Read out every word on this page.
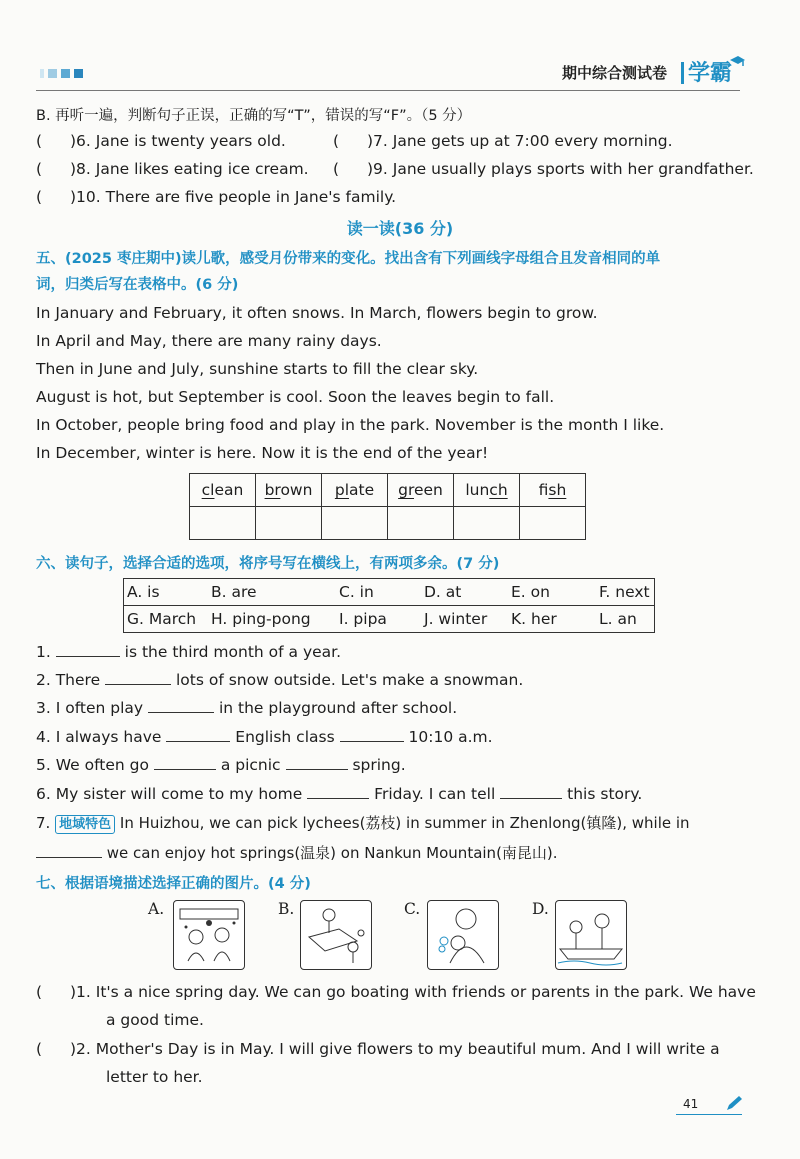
期中综合测试卷 学霸
B. 再听一遍，判断句子正误，正确的写“T”，错误的写“F”。（5 分）
( )6. Jane is twenty years old.	( )7. Jane gets up at 7:00 every morning.
( )8. Jane likes eating ice cream. ( )9. Jane usually plays sports with her grandfather.
( )10. There are five people in Jane's family.
读一读(36 分)
五、(2025 枣庄期中)读儿歌，感受月份带来的变化。找出含有下列画线字母组合且发音相同的单
词，归类后写在表格中。(6 分)
In January and February, it often snows. In March, flowers begin to grow.
In April and May, there are many rainy days.
Then in June and July, sunshine starts to fill the clear sky.
August is hot, but September is cool. Soon the leaves begin to fall.
In October, people bring food and play in the park. November is the month I like.
In December, winter is here. Now it is the end of the year!
clean	brown	plate	green	lunch	fish

六、读句子，选择合适的选项，将序号写在横线上，有两项多余。(7 分)
A. is	B. are	C. in	D. at	E. on	F. next
G. March H. ping-pong I. pipa J. winter K. her	L. an
1.	is the third month of a year.
2. There	lots of snow outside. Let's make a snowman.
3. I often play	in the playground after school.
4. I always have	English class	10:10 a.m.
5. We often go	a picnic	spring.
6. My sister will come to my home	Friday. I can tell	this story.
7. 地域特色 In Huizhou, we can pick lychees(荔枝) in summer in Zhenlong(镇隆), while in
we can enjoy hot springs(温泉) on Nankun Mountain(南昆山).
七、根据语境描述选择正确的图片。(4 分)
A.	B.	C.	D.
( )1. It's a nice spring day. We can go boating with friends or parents in the park. We have
a good time.
( )2. Mother's Day is in May. I will give flowers to my beautiful mum. And I will write a
letter to her.
41
